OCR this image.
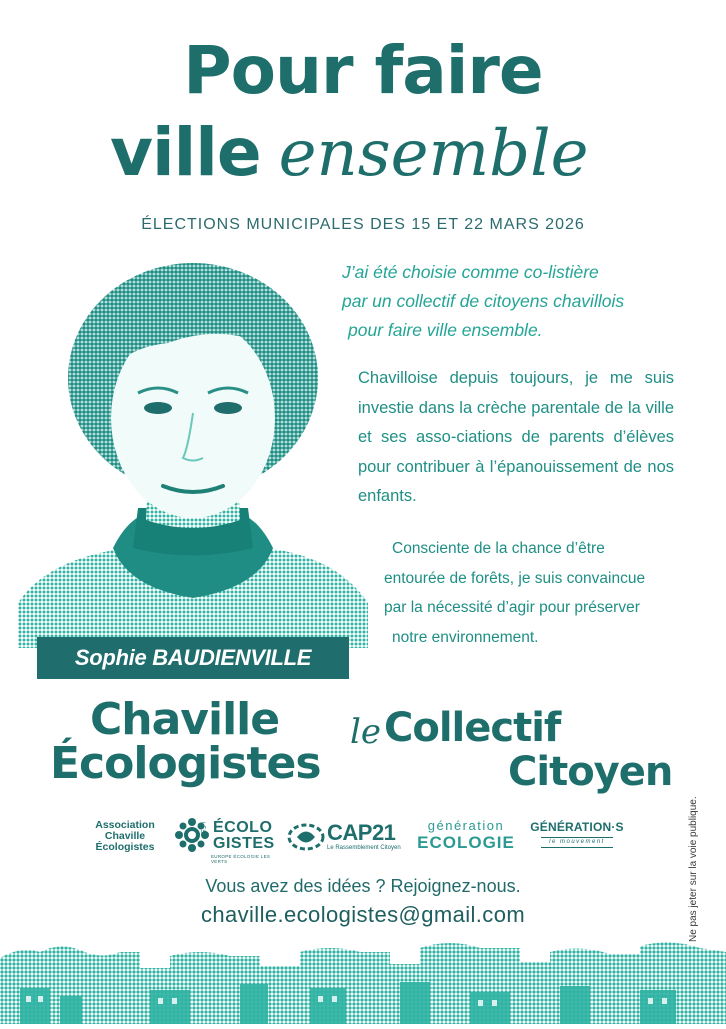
Pour faire
ville ensemble
ÉLECTIONS MUNICIPALES DES 15 ET 22 MARS 2026
Sophie BAUDIENVILLE
J’ai été choisie comme co-listière
par un collectif de citoyens chavillois
pour faire ville ensemble.
Chavilloise depuis toujours, je me suis investie dans la crèche parentale de la ville et ses asso-ciations de parents d’élèves pour contribuer à l’épanouissement de nos enfants.
Consciente de la chance d’être
entourée de forêts, je suis convaincue
par la nécessité d’agir pour préserver
notre environnement.
Chaville
Écologistes
le Collectif
Citoyen
Association
Chaville
Écologistes
LES ÉCOLO
GISTES
EUROPE ÉCOLOGIE LES VERTS
CAP21
Le Rassemblement Citoyen
génération
ECOLOGIE
GÉNÉRATION·S
le mouvement	Ne pas jeter sur la voie publique.
Vous avez des idées ? Rejoignez-nous.
chaville.ecologistes@gmail.com
